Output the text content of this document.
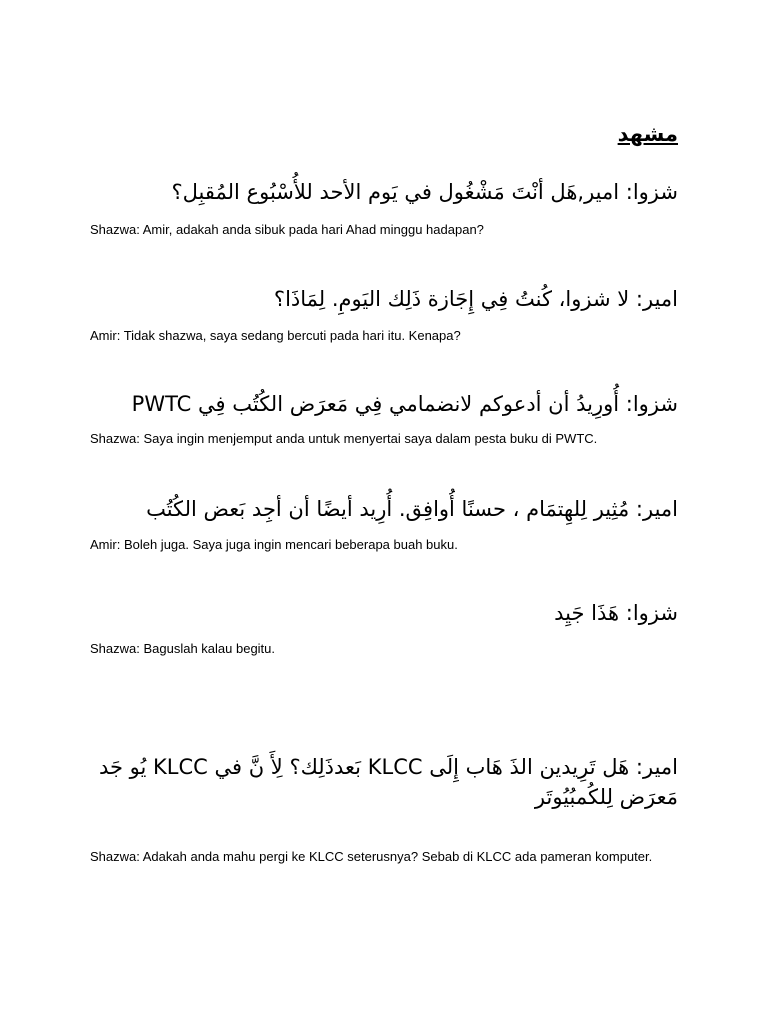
مشهد
شزوا: امير,هَل أنْتَ مَشْغُول في يَوم الأحد للأُسْبُوع المُقبِل؟
Shazwa: Amir, adakah anda sibuk pada hari Ahad minggu hadapan?
امير: لا شزوا، كُنتُ فِي إِجَازة ذَلِك اليَومِ. لِمَاذَا؟
Amir: Tidak shazwa, saya sedang bercuti pada hari itu. Kenapa?
شزوا: أُورِيدُ أن أدعوكم لانضمامي فِي مَعرَض الكُتُب فِي PWTC
Shazwa: Saya ingin menjemput anda untuk menyertai saya dalam pesta buku di PWTC.
امير: مُثِير لِلهِتمَام ، حسنًا أُوافِق. أُرِيد أيضًا أن أجِد بَعض الكُتُب
Amir: Boleh juga. Saya juga ingin mencari beberapa buah buku.
شزوا: هَذَا جَيِد
Shazwa: Baguslah kalau begitu.
امير: هَل تَرِيدين الذَ هَاب إِلَى KLCC بَعدذَلِك؟ لِأَ نَّ في KLCC يُو جَد مَعرَض لِلكُمبُيُوتَر
Shazwa: Adakah anda mahu pergi ke KLCC seterusnya? Sebab di KLCC ada pameran komputer.
